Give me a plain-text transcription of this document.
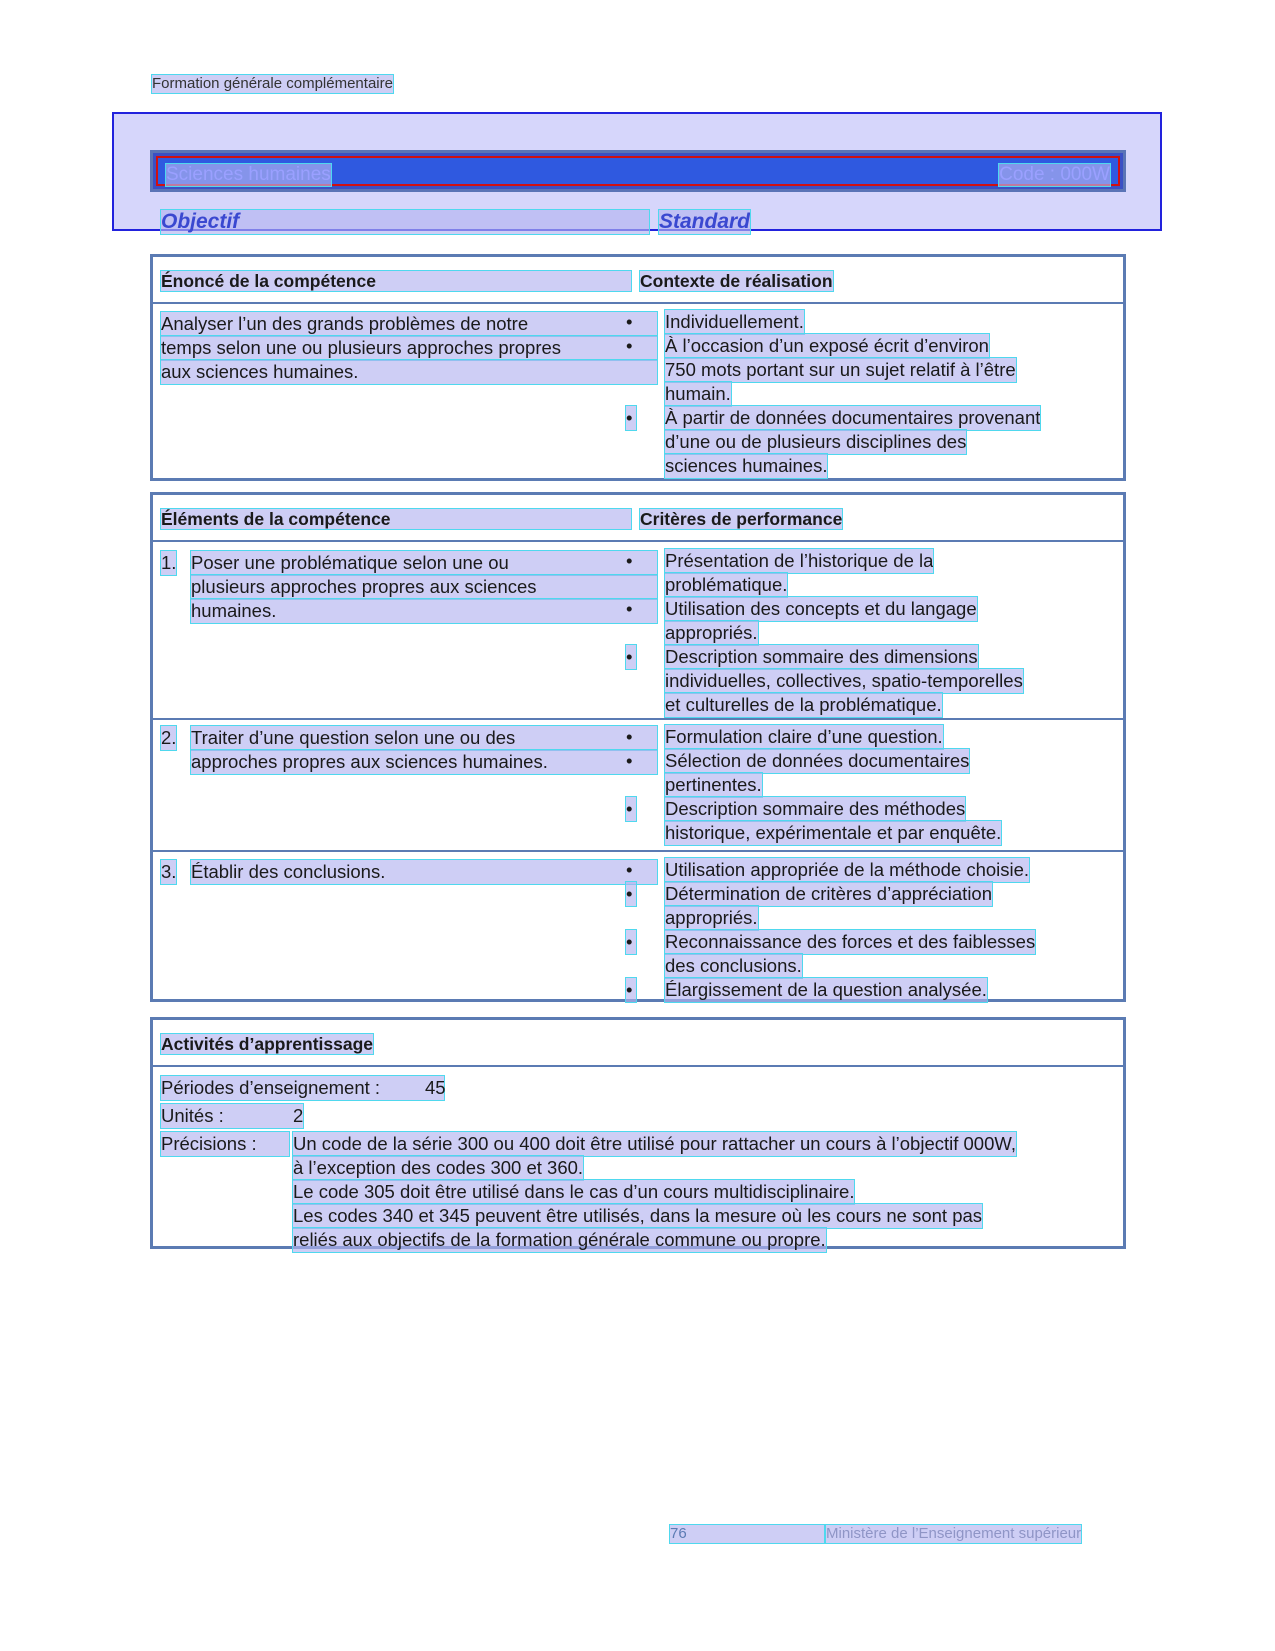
Formation générale complémentaire
Sciences humaines	Code : 000W
Objectif	Standard
Énoncé de la compétence	Contexte de réalisation
Analyser l’un des grands problèmes de notre
temps selon une ou plusieurs approches propres
aux sciences humaines.
• Individuellement.
• À l’occasion d’un exposé écrit d’environ
750 mots portant sur un sujet relatif à l’être
humain.
• À partir de données documentaires provenant
d’une ou de plusieurs disciplines des
sciences humaines.
Éléments de la compétence	Critères de performance
1. Poser une problématique selon une ou
plusieurs approches propres aux sciences
humaines.
• Présentation de l’historique de la
problématique.
• Utilisation des concepts et du langage
appropriés.
• Description sommaire des dimensions
individuelles, collectives, spatio-temporelles
et culturelles de la problématique.
2. Traiter d’une question selon une ou des
approches propres aux sciences humaines.
• Formulation claire d’une question.
• Sélection de données documentaires
pertinentes.
• Description sommaire des méthodes
historique, expérimentale et par enquête.
3. Établir des conclusions.	• Utilisation appropriée de la méthode choisie.
• Détermination de critères d’appréciation
appropriés.
• Reconnaissance des forces et des faiblesses
des conclusions.
• Élargissement de la question analysée.
Activités d’apprentissage
Périodes d’enseignement : 45
Unités :	2
Précisions :	Un code de la série 300 ou 400 doit être utilisé pour rattacher un cours à l’objectif 000W,
à l’exception des codes 300 et 360.
Le code 305 doit être utilisé dans le cas d’un cours multidisciplinaire.
Les codes 340 et 345 peuvent être utilisés, dans la mesure où les cours ne sont pas
reliés aux objectifs de la formation générale commune ou propre.
76	Ministère de l’Enseignement supérieur
